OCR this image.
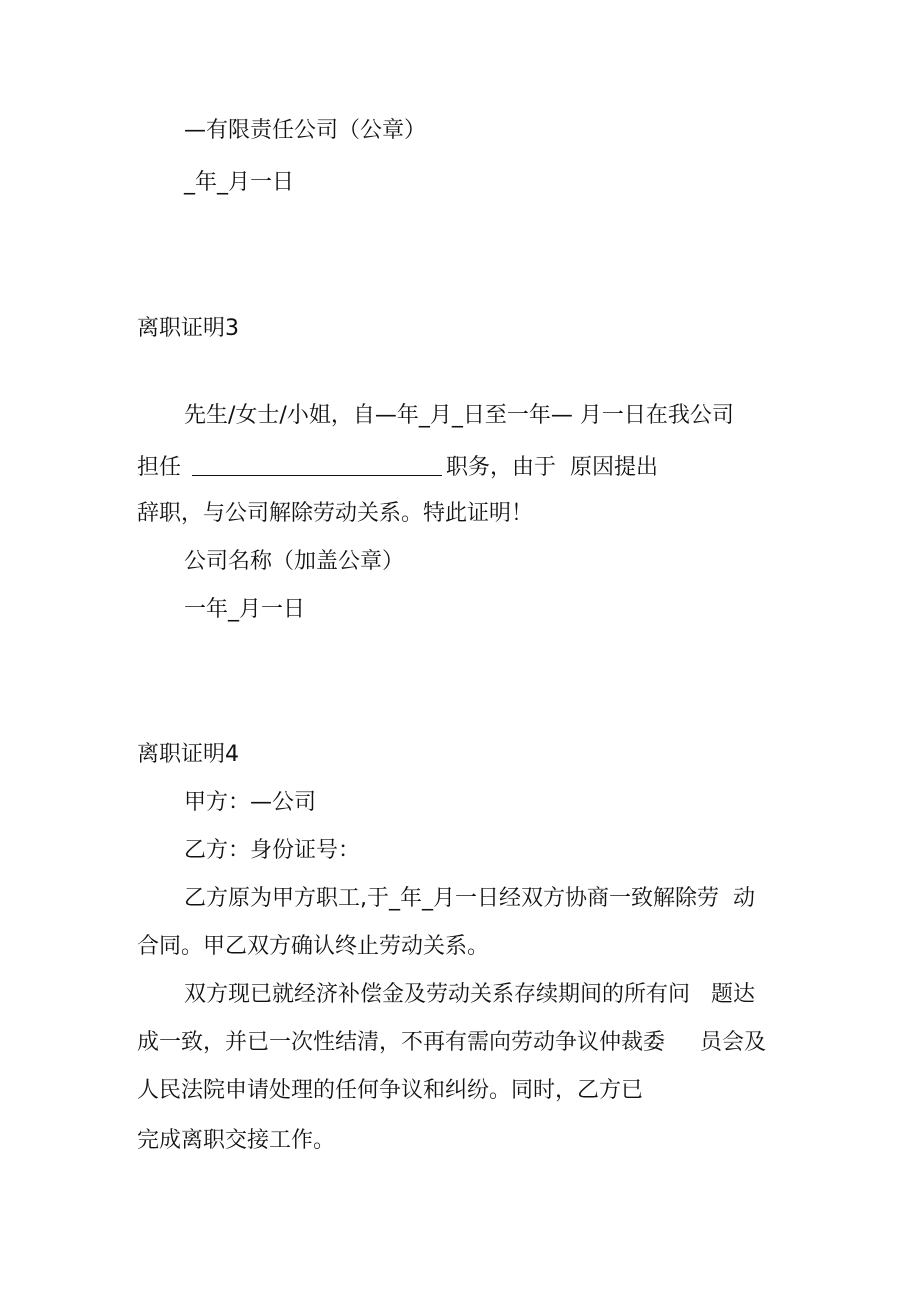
—有限责任公司（公章）
_年_月一日
离职证明3
先生/女士/小姐，自—年_月_日至一年— 月一日在我公司
担任	职务，由于  原因提出
辞职，与公司解除劳动关系。特此证明！
公司名称（加盖公章）
一年_月一日
离职证明4
甲方：—公司
乙方：身份证号：
乙方原为甲方职工,于_年_月一日经双方协商一致解除劳  动
合同。甲乙双方确认终止劳动关系。
双方现已就经济补偿金及劳动关系存续期间的所有问   题达
成一致，并已一次性结清，不再有需向劳动争议仲裁委     员会及
人民法院申请处理的任何争议和纠纷。同时，乙方已
完成离职交接工作。
